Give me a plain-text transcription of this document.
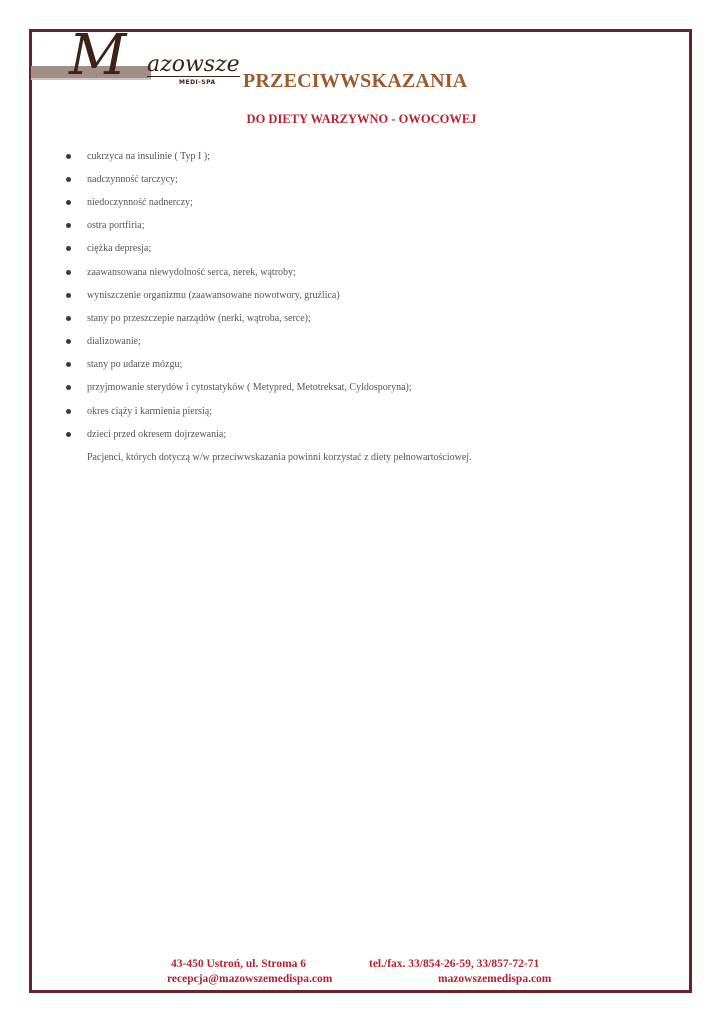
M azowsze
MEDI-SPA PRZECIWWSKAZANIA
DO DIETY WARZYWNO - OWOCOWEJ
cukrzyca na insulinie ( Typ I );
nadczynność tarczycy;
niedoczynność nadnerczy;
ostra portfiria;
ciężka depresja;
zaawansowana niewydolność serca, nerek, wątroby;
wyniszczenie organizmu (zaawansowane nowotwory, gruźlica)
stany po przeszczepie narządów (nerki, wątroba, serce);
dializowanie;
stany po udarze mózgu;
przyjmowanie sterydów i cytostatyków ( Metypred, Metotreksat, Cyldosporyna);
okres ciąży i karmienia piersią;
dzieci przed okresem dojrzewania;
Pacjenci, których dotyczą w/w przeciwwskazania powinni korzystać z diety pełnowartościowej.
43-450 Ustroń, ul. Stroma 6	tel./fax. 33/854-26-59, 33/857-72-71
recepcja@mazowszemedispa.com	mazowszemedispa.com
